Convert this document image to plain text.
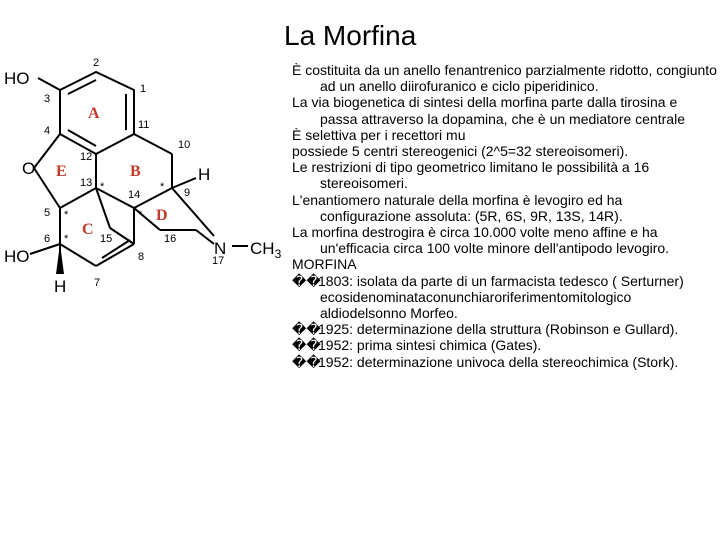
La Morfina
HO
O	H
N $CH_3$
HO
H
A
B
C
D
E
1
2
3
4
5
6
7
8
9
10
11
12
13
14
15	16
17
*	*
*
*
*

È costituita da un anello fenantrenico parzialmente ridotto, congiunto ad un anello diirofuranico e ciclo piperidinico.

La via biogenetica di sintesi della morfina parte dalla tirosina e passa attraverso la dopamina, che è un mediatore centrale

È selettiva per i recettori mu

possiede 5 centri stereogenici (2^5=32 stereoisomeri).

Le restrizioni di tipo geometrico limitano le possibilità a 16 stereoisomeri.

L'enantiomero naturale della morfina è levogiro ed ha configurazione assoluta: (5R, 6S, 9R, 13S, 14R).

La morfina destrogira è circa 10.000 volte meno affine e ha un'efficacia circa 100 volte minore dell'antipodo levogiro.

MORFINA

��1803: isolata da parte di un farmacista tedesco ( Serturner) ecosidenominataconunchiaroriferimentomitologico aldiodelsonno Morfeo.

��1925: determinazione della struttura (Robinson e Gullard).

��1952: prima sintesi chimica (Gates).

��1952: determinazione univoca della stereochimica (Stork).
